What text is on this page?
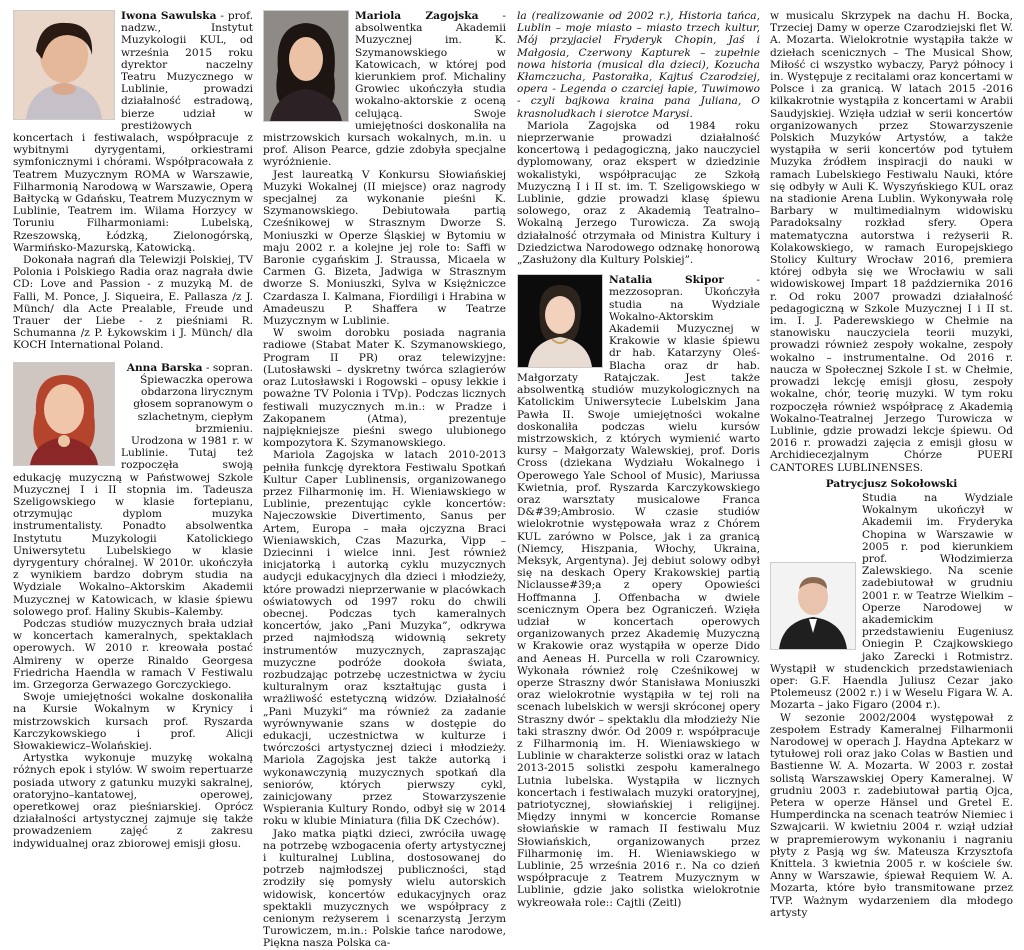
Iwona Sawulska - prof. nadzw., Instytut Muzykologii KUL, od września 2015 roku dyrektor naczelny Teatru Muzycznego w Lublinie, prowadzi działalność estradową, bierze udział w prestiżowych koncertach i festiwalach, współpracuje z wybitnymi dyrygentami, orkiestrami symfonicznymi i chórami. Współpracowała z Teatrem Muzycznym ROMA w Warszawie, Filharmonią Narodową w Warszawie, Operą Bałtycką w Gdańsku, Teatrem Muzycznym w Lublinie, Teatrem im. Wilama Horzycy w Toruniu Filharmoniami: Lubelską, Rzeszowską, Łódzką, Zielonogórską, Warmińsko-Mazurską, Katowicką.

Dokonała nagrań dla Telewizji Polskiej, TV Polonia i Polskiego Radia oraz nagrała dwie CD: Love and Passion - z muzyką M. de Falli, M. Ponce, J. Siqueira, E. Pallasza /z J. Münch/ dla Acte Prealable, Freude und Trauer der Liebe - z pieśniami R. Schumanna /z P. Łykowskim i J. Münch/ dla KOCH International Poland.

Anna Barska - sopran. Śpiewaczka operowa obdarzona lirycznym głosem sopranowym o szlachetnym, ciepłym brzmieniu.

Urodzona w 1981 r. w Lublinie. Tutaj też rozpoczęła swoją edukację muzyczną w Państwowej Szkole Muzycznej I i II stopnia im. Tadeusza Szeligowskiego w klasie fortepianu, otrzymując dyplom muzyka instrumentalisty. Ponadto absolwentka Instytutu Muzykologii Katolickiego Uniwersytetu Lubelskiego w klasie dyrygentury chóralnej. W 2010r. ukończyła z wynikiem bardzo dobrym studia na Wydziale Wokalno–Aktorskim Akademii Muzycznej w Katowicach, w klasie śpiewu solowego prof. Haliny Skubis–Kalemby.

Podczas studiów muzycznych brała udział w koncertach kameralnych, spektaklach operowych. W 2010 r. kreowała postać Almireny w operze Rinaldo Georgesa Friedricha Haendla w ramach V Festiwalu im. Grzegorza Gerwazego Gorczyckiego.

Swoje umiejętności wokalne doskonaliła na Kursie Wokalnym w Krynicy i mistrzowskich kursach prof. Ryszarda Karczykowskiego i prof. Alicji Słowakiewicz–Wolańskiej.

Artystka wykonuje muzykę wokalną różnych epok i stylów. W swoim repertuarze posiada utwory z gatunku muzyki sakralnej, oratoryjno–kantatowej, operowej, operetkowej oraz pieśniarskiej. Oprócz działalności artystycznej zajmuje się także prowadzeniem zajęć z zakresu indywidualnej oraz zbiorowej emisji głosu.

Mariola Zagojska - absolwentka Akademii Muzycznej im. K. Szymanowskiego w Katowicach, w której pod kierunkiem prof. Michaliny Growiec ukończyła studia wokalno-aktorskie z oceną celującą. Swoje umiejętności doskonaliła na mistrzowskich kursach wokalnych, m.in. u prof. Alison Pearce, gdzie zdobyła specjalne wyróżnienie.

Jest laureatką V Konkursu Słowiańskiej Muzyki Wokalnej (II miejsce) oraz nagrody specjalnej za wykonanie pieśni K. Szymanowskiego. Debiutowała partią Cześnikowej w Strasznym Dworze S. Moniuszki w Operze Śląskiej w Bytomiu w maju 2002 r. a kolejne jej role to: Saffi w Baronie cygańskim J. Straussa, Micaela w Carmen G. Bizeta, Jadwiga w Strasznym dworze S. Moniuszki, Sylva w Księżniczce Czardasza I. Kalmana, Fiordiligi i Hrabina w Amadeuszu P. Shaffera w Teatrze Muzycznym w Lublinie.

W swoim dorobku posiada nagrania radiowe (Stabat Mater K. Szymanowskiego, Program II PR) oraz telewizyjne: (Lutosławski – dyskretny twórca szlagierów oraz Lutosławski i Rogowski – opusy lekkie i poważne TV Polonia i TVp). Podczas licznych festiwali muzycznych m.in.: w Pradze i Zakopanem (Atma), prezentuje najpiękniejsze pieśni swego ulubionego kompozytora K. Szymanowskiego.

Mariola Zagojska w latach 2010-2013 pełniła funkcję dyrektora Festiwalu Spotkań Kultur Caper Lublinensis, organizowanego przez Filharmonię im. H. Wieniawskiego w Lublinie, prezentując cykle koncertów: Najeczowskie Divertimento, Sanus per Artem, Europa – mała ojczyzna Braci Wieniawskich, Czas Mazurka, Vipp – Dziecinni i wielce inni. Jest również inicjatorką i autorką cyklu muzycznych audycji edukacyjnych dla dzieci i młodzieży, które prowadzi nieprzerwanie w placówkach oświatowych od 1997 roku do chwili obecnej. Podczas tych kameralnych koncertów, jako „Pani Muzyka”, odkrywa przed najmłodszą widownią sekrety instrumentów muzycznych, zapraszając muzyczne podróże dookoła świata, rozbudzając potrzebę uczestnictwa w życiu kulturalnym oraz kształtując gusta i wrażliwość estetyczną widzów. Działalność „Pani Muzyki” ma również za zadanie wyrównywanie szans w dostępie do edukacji, uczestnictwa w kulturze i twórczości artystycznej dzieci i młodzieży. Mariola Zagojska jest także autorką i wykonawczynią muzycznych spotkań dla seniorów, których pierwszy cykl, zainicjowany przez Stowarzyszenie Wspierania Kultury Rondo, odbył się w 2014 roku w klubie Miniatura (filia DK Czechów).

Jako matka piątki dzieci, zwróciła uwagę na potrzebę wzbogacenia oferty artystycznej i kulturalnej Lublina, dostosowanej do potrzeb najmłodszej publiczności, stąd zrodziły się pomysły wielu autorskich widowisk, koncertów edukacyjnych oraz spektakli muzycznych we współpracy z cenionym reżyserem i scenarzystą Jerzym Turowiczem, m.in.: Polskie tańce narodowe, Piękna nasza Polska ca-

la (realizowanie od 2002 r.), Historia tańca, Lublin – moje miasto – miasto trzech kultur, Mój przyjaciel Fryderyk Chopin, Jaś i Małgosia, Czerwony Kapturek – zupełnie nowa historia (musical dla dzieci), Kozucha Kłamczucha, Pastorałka, Kajtuś Czarodziej, opera - Legenda o czarciej łapie, Tuwimowo - czyli bajkowa kraina pana Juliana, O krasnoludkach i sierotce Marysi.

Mariola Zagojska od 1984 roku nieprzerwanie prowadzi działalność koncertową i pedagogiczną, jako nauczyciel dyplomowany, oraz ekspert w dziedzinie wokalistyki, współpracując ze Szkołą Muzyczną I i II st. im. T. Szeligowskiego w Lublinie, gdzie prowadzi klasę śpiewu solowego, oraz z Akademią Teatralno–Wokalną Jerzego Turowicza. Za swoją działalność otrzymała od Ministra Kultury i Dziedzictwa Narodowego odznakę honorową „Zasłużony dla Kultury Polskiej”.

Natalia Skipor - mezzosopran. Ukończyła studia na Wydziale Wokalno-Aktorskim Akademii Muzycznej w Krakowie w klasie śpiewu dr hab. Katarzyny Oleś-Blacha oraz dr hab. Małgorzaty Ratajczak. Jest także absolwentką studiów muzykologicznych na Katolickim Uniwersytecie Lubelskim Jana Pawła II. Swoje umiejętności wokalne doskonaliła podczas wielu kursów mistrzowskich, z których wymienić warto kursy – Małgorzaty Walewskiej, prof. Doris Cross (dziekana Wydziału Wokalnego i Operowego Yale School of Music), Mariussa Kwietnia, prof. Ryszarda Karczykowskiego oraz warsztaty musicalowe Franca D&#39;Ambrosio. W czasie studiów wielokrotnie występowała wraz z Chórem KUL zarówno w Polsce, jak i za granicą (Niemcy, Hiszpania, Włochy, Ukraina, Meksyk, Argentyna). Jej debiut solowy odbył się na deskach Opery Krakowskiej partią Niclausse#39;a z opery Opowieści Hoffmanna J. Offenbacha w dwiele scenicznym Opera bez Ograniczeń. Wzięła udział w koncertach operowych organizowanych przez Akademię Muzyczną w Krakowie oraz wystąpiła w operze Dido and Aeneas H. Purcella w roli Czarownicy. Wykonała również rolę Cześnikowej w operze Straszny dwór Stanisława Moniuszki oraz wielokrotnie wystąpiła w tej roli na scenach lubelskich w wersji skróconej opery Straszny dwór – spektaklu dla młodzieży Nie taki straszny dwór. Od 2009 r. współpracuje z Filharmonią im. H. Wieniawskiego w Lublinie w charakterze solistki oraz w latach 2013-2015 solistki zespołu kameralnego Lutnia lubelska. Wystąpiła w licznych koncertach i festiwalach muzyki oratoryjnej, patriotycznej, słowiańskiej i religijnej. Między innymi w koncercie Romanse słowiańskie w ramach II festiwalu Muz Słowiańskich, organizowanych przez Filharmonię im. H. Wieniawskiego w Lublinie, 25 września 2016 r.. Na co dzień współpracuje z Teatrem Muzycznym w Lublinie, gdzie jako solistka wielokrotnie wykreowała role:: Cajtli (Zeitl)

w musicalu Skrzypek na dachu H. Bocka, Trzeciej Damy w operze Czarodziejski flet W. A. Mozarta. Wielokrotnie wystąpiła także w dziełach scenicznych – The Musical Show, Miłość ci wszystko wybaczy, Paryż północy i in. Występuje z recitalami oraz koncertami w Polsce i za granicą. W latach 2015 -2016 kilkakrotnie wystąpiła z koncertami w Arabii Saudyjskiej. Wzięła udział w serii koncertów organizowanych przez Stowarzyszenie Polskich Muzyków Artystów, a także wystąpiła w serii koncertów pod tytułem Muzyka źródłem inspiracji do nauki w ramach Lubelskiego Festiwalu Nauki, które się odbyły w Auli K. Wyszyńskiego KUL oraz na stadionie Arena Lublin. Wykonywała rolę Barbary w multimedialnym widowisku Paradoksalny rozkład sfery. Opera matematyczna autorstwa i reżyserii R. Kolakowskiego, w ramach Europejskiego Stolicy Kultury Wrocław 2016, premiera której odbyła się we Wrocławiu w sali widowiskowej Impart 18 października 2016 r. Od roku 2007 prowadzi działalność pedagogiczną w Szkole Muzycznej I i II st. im. I. J. Paderewskiego w Chełmie na stanowisku nauczyciela teorii muzyki, prowadzi również zespoły wokalne, zespoły wokalno – instrumentalne. Od 2016 r. naucza w Społecznej Szkole I st. w Chełmie, prowadzi lekcję emisji głosu, zespoły wokalne, chór, teorię muzyki. W tym roku rozpoczęła również współpracę z Akademią Wokalno-Teatralnej Jerzego Turowicza w Lublinie, gdzie prowadzi lekcje śpiewu. Od 2016 r. prowadzi zajęcia z emisji głosu w Archidiecezjalnym Chórze PUERI CANTORES LUBLINENSES.

Patrycjusz Sokołowski

Studia na Wydziale Wokalnym ukończył w Akademii im. Fryderyka Chopina w Warszawie w 2005 r. pod kierunkiem prof. Włodzimierza Zalewskiego. Na scenie zadebiutował w grudniu 2001 r. w Teatrze Wielkim – Operze Narodowej w akademickim przedstawieniu Eugeniusz Oniegin P. Czajkowskiego jako Zarecki i Rotmistrz. Wystąpił w studenckich przedstawieniach oper: G.F. Haendla Juliusz Cezar jako Ptolemeusz (2002 r.) i w Weselu Figara W. A. Mozarta – jako Figaro (2004 r.).

W sezonie 2002/2004 występował z zespołem Estrady Kameralnej Filharmonii Narodowej w operach J. Haydna Aptekarz w tytułowej roli oraz jako Colas w Bastien und Bastienne W. A. Mozarta. W 2003 r. został solistą Warszawskiej Opery Kameralnej. W grudniu 2003 r. zadebiutował partią Ojca, Petera w operze Hänsel und Gretel E. Humperdincka na scenach teatrów Niemiec i Szwajcarii. W kwietniu 2004 r. wziął udział w prapremierowym wykonaniu i nagraniu płyty z Pasją wg św. Mateusza Krzysztofa Knittela. 3 kwietnia 2005 r. w kościele św. Anny w Warszawie, śpiewał Requiem W. A. Mozarta, które było transmitowane przez TVP. Ważnym wydarzeniem dla młodego artysty
